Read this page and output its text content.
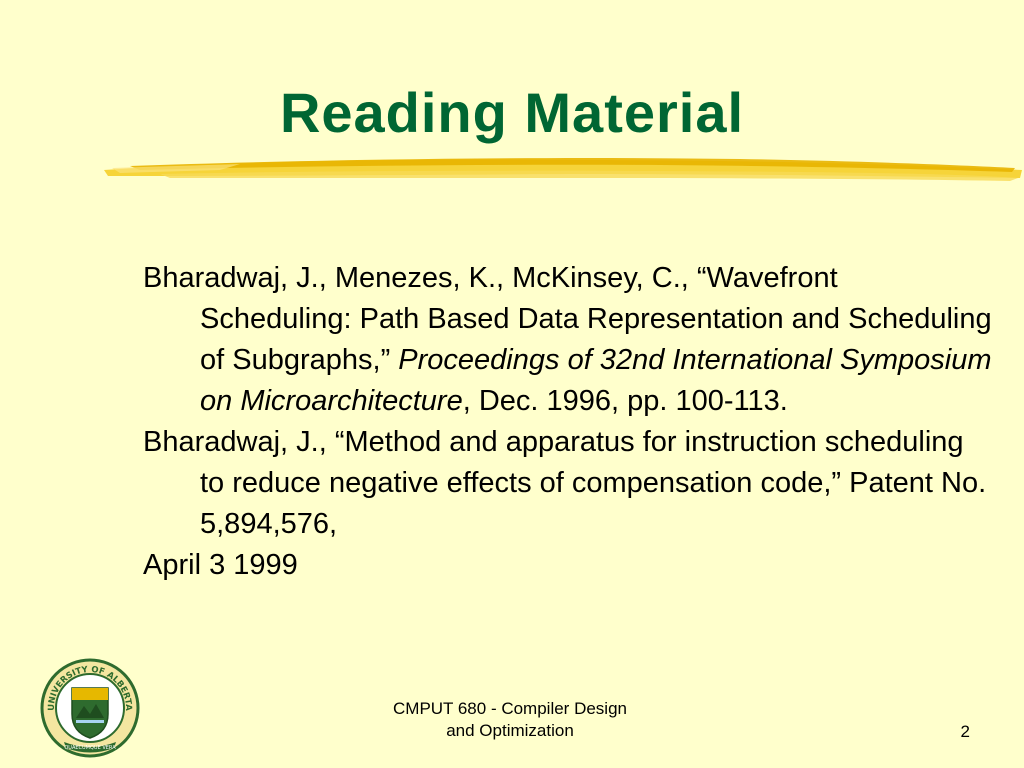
Reading Material

Bharadwaj, J., Menezes, K., McKinsey, C., “Wavefront Scheduling: Path Based Data Representation and Scheduling of Subgraphs,” Proceedings of 32nd International Symposium on Microarchitecture, Dec. 1996, pp. 100-113.

Bharadwaj, J., “Method and apparatus for instruction scheduling to reduce negative effects of compensation code,” Patent No. 5,894,576,
April 3 1999

UNIVERSITY OF ALBERTA
QUAECUMQUE VERA
CMPUT 680 - Compiler Design
and Optimization	2
